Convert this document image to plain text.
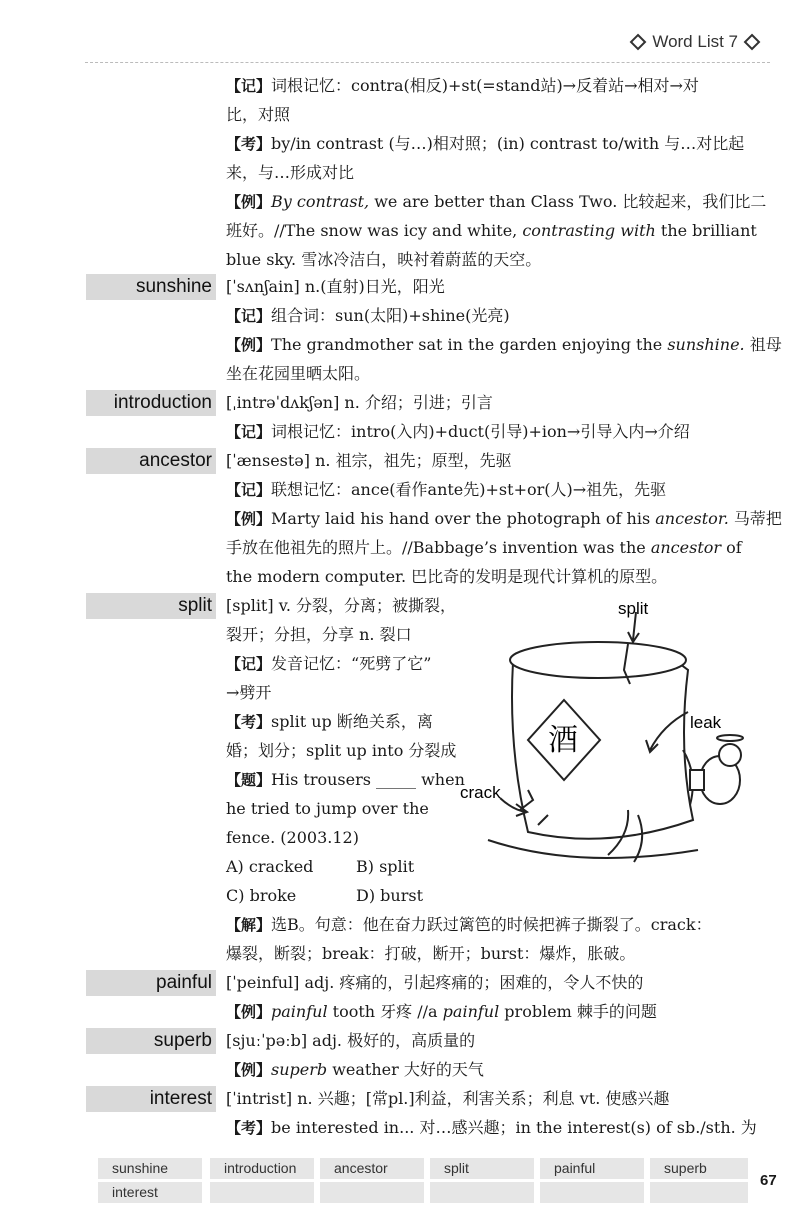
Word List 7
【记】词根记忆：contra(相反)+st(=stand站)→反着站→相对→对
比，对照
【考】by/in contrast (与…)相对照；(in) contrast to/with 与…对比起
来，与…形成对比
【例】By contrast, we are better than Class Two. 比较起来，我们比二
班好。//The snow was icy and white, contrasting with the brilliant
blue sky. 雪冰冷洁白，映衬着蔚蓝的天空。
sunshine [ˈsʌnʃain] n.(直射)日光，阳光
【记】组合词：sun(太阳)+shine(光亮)
【例】The grandmother sat in the garden enjoying the sunshine. 祖母
坐在花园里晒太阳。
introduction [ˌintrəˈdʌkʃən] n. 介绍；引进；引言
【记】词根记忆：intro(入内)+duct(引导)+ion→引导入内→介绍
ancestor [ˈænsestə] n. 祖宗，祖先；原型，先驱
【记】联想记忆：ance(看作ante先)+st+or(人)→祖先，先驱
【例】Marty laid his hand over the photograph of his ancestor. 马蒂把
手放在他祖先的照片上。//Babbage’s invention was the ancestor of
the modern computer. 巴比奇的发明是现代计算机的原型。
split [split] v. 分裂，分离；被撕裂，
裂开；分担，分享 n. 裂口
【记】发音记忆：“死劈了它”
→劈开
【考】split up 断绝关系，离
婚；划分；split up into 分裂成
【题】His trousers _____ when
he tried to jump over the
fence. (2003.12)
A) cracked	B) split
C) broke	D) burst
【解】选B。句意：他在奋力跃过篱笆的时候把裤子撕裂了。crack：
爆裂，断裂；break：打破，断开；burst：爆炸，胀破。
painful [ˈpeinful] adj. 疼痛的，引起疼痛的；困难的，令人不快的
【例】painful tooth 牙疼 //a painful problem 棘手的问题
superb [sjuːˈpəːb] adj. 极好的，高质量的
【例】superb weather 大好的天气
interest [ˈintrist] n. 兴趣；[常pl.]利益，利害关系；利息 vt. 使感兴趣
【考】be interested in... 对…感兴趣；in the interest(s) of sb./sth. 为
split
leak
crack
酒
sunshine	introduction	ancestor	split	painful	superb
interest
67
